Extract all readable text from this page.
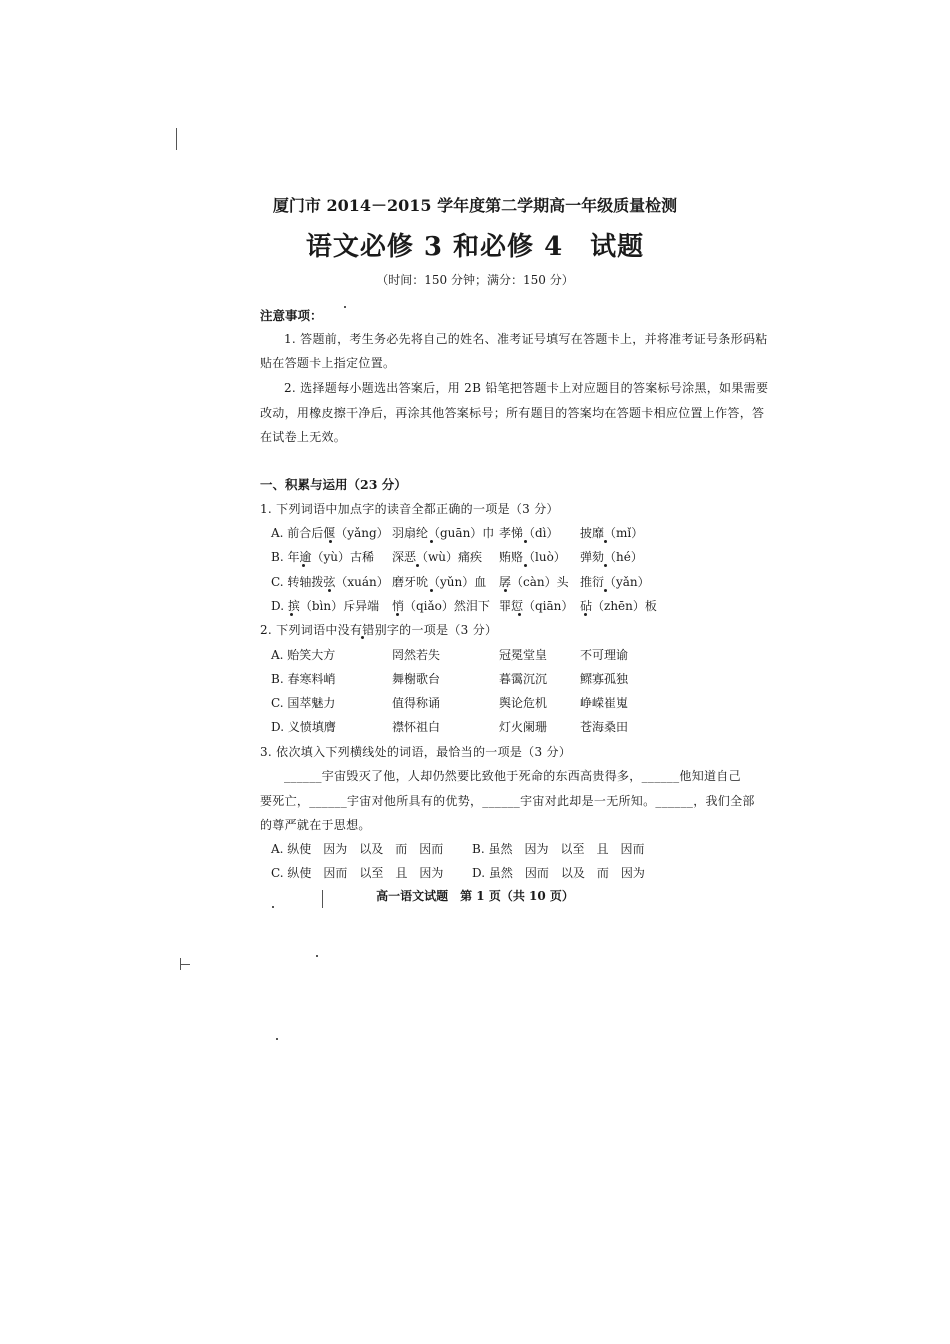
厦门市 2014－2015 学年度第二学期高一年级质量检测
语文必修 3 和必修 4　试题
（时间：150 分钟；满分：150 分）
注意事项：
1. 答题前，考生务必先将自己的姓名、准考证号填写在答题卡上，并将准考证号条形码粘
贴在答题卡上指定位置。
2. 选择题每小题选出答案后，用 2B 铅笔把答题卡上对应题目的答案标号涂黑，如果需要
改动，用橡皮擦干净后，再涂其他答案标号；所有题目的答案均在答题卡相应位置上作答，答
在试卷上无效。
一、积累与运用（23 分）
1. 下列词语中加点字的读音全都正确的一项是（3 分）
A. 前合后偃（yǎng） 羽扇纶（guān）巾 孝悌（dì） 披靡（mǐ）
B. 年逾（yù）古稀 深恶（wù）痛疾 贿赂（luò） 弹劾（hé）
C. 转轴拨弦（xuán） 磨牙吮（yǔn）血 孱（càn）头 推衍（yǎn）
D. 摈（bìn）斥异端 悄（qiǎo）然泪下 罪愆（qiān） 砧（zhēn）板
2. 下列词语中没有错别字的一项是（3 分）
A. 贻笑大方	罔然若失	冠冕堂皇	不可理谕
B. 春寒料峭	舞榭歌台	暮霭沉沉	鳏寡孤独
C. 国萃魅力	值得称诵	舆论危机	峥嵘崔嵬
D. 义愤填膺	襟怀祖白	灯火阑珊	苍海桑田
3. 依次填入下列横线处的词语，最恰当的一项是（3 分）
______宇宙毁灭了他，人却仍然要比致他于死命的东西高贵得多，______他知道自己
要死亡，______宇宙对他所具有的优势，______宇宙对此却是一无所知。______，我们全部
的尊严就在于思想。
A. 纵使　因为　以及　而　因而 B. 虽然　因为　以至　且　因而
C. 纵使　因而　以至　且　因为 D. 虽然　因而　以及　而　因为
高一语文试题　第 1 页（共 10 页）
